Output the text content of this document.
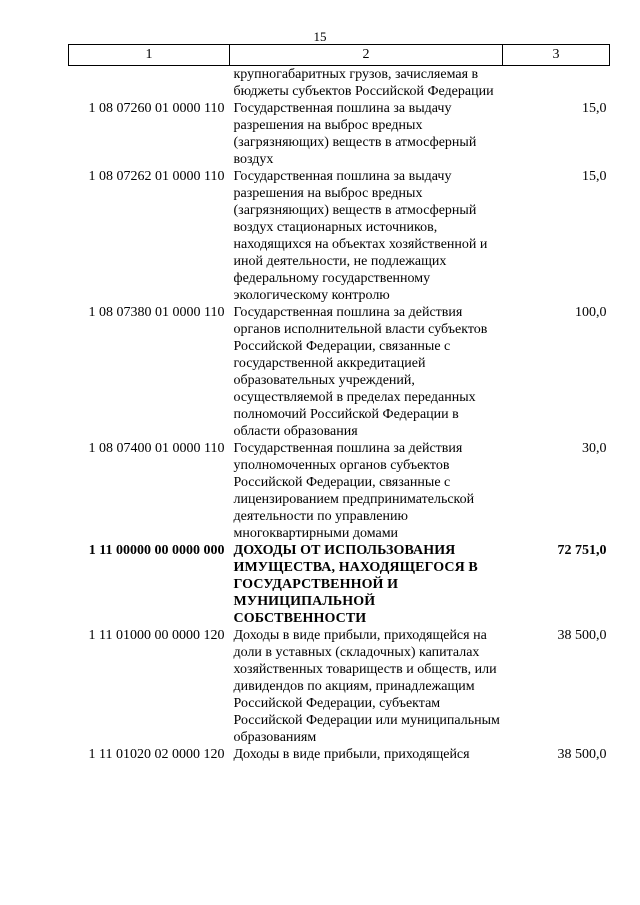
15
1	2	3
	крупногабаритных грузов, зачисляемая в бюджеты субъектов Российской Федерации	
1 08 07260 01 0000 110	Государственная пошлина за выдачу разрешения на выброс вредных (загрязняющих) веществ в атмосферный воздух	15,0
1 08 07262 01 0000 110	Государственная пошлина за выдачу разрешения на выброс вредных (загрязняющих) веществ в атмосферный воздух стационарных источников, находящихся на объектах хозяйственной и иной деятельности, не подлежащих федеральному государственному экологическому контролю	15,0
1 08 07380 01 0000 110	Государственная пошлина за действия органов исполнительной власти субъектов Российской Федерации, связанные с государственной аккредитацией образовательных учреждений, осуществляемой в пределах переданных полномочий Российской Федерации в области образования	100,0
1 08 07400 01 0000 110	Государственная пошлина за действия уполномоченных органов субъектов Российской Федерации, связанные с лицензированием предпринимательской деятельности по управлению многоквартирными домами	30,0
1 11 00000 00 0000 000	ДОХОДЫ ОТ ИСПОЛЬЗОВАНИЯ ИМУЩЕСТВА, НАХОДЯЩЕГОСЯ В ГОСУДАРСТВЕННОЙ И МУНИЦИПАЛЬНОЙ СОБСТВЕННОСТИ	72 751,0
1 11 01000 00 0000 120	Доходы в виде прибыли, приходящейся на доли в уставных (складочных) капиталах хозяйственных товариществ и обществ, или дивидендов по акциям, принадлежащим Российской Федерации, субъектам Российской Федерации или муниципальным образованиям	38 500,0
1 11 01020 02 0000 120	Доходы в виде прибыли, приходящейся	38 500,0
